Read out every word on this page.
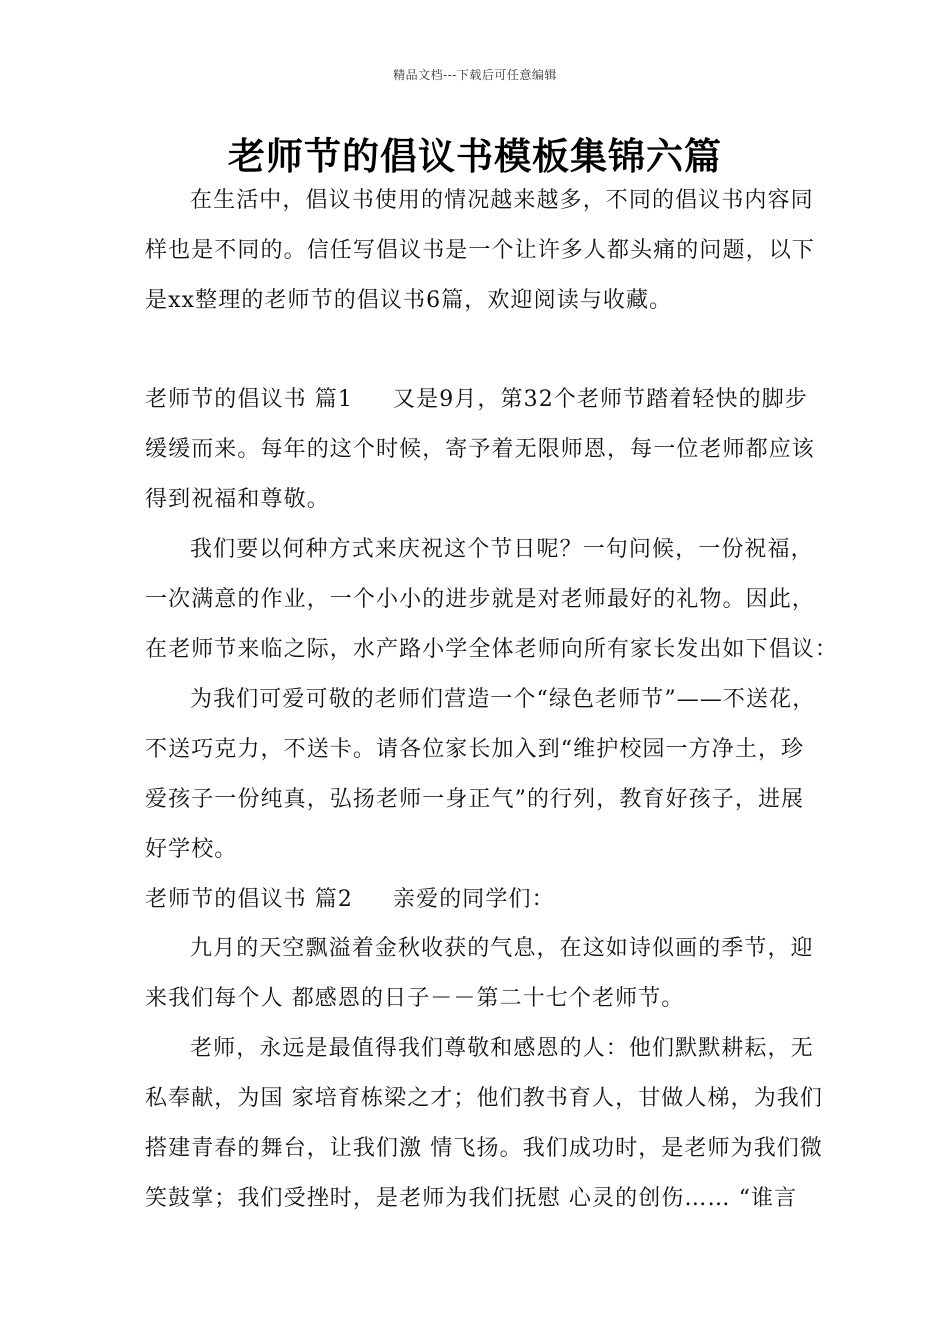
精品文档---下载后可任意编辑
老师节的倡议书模板集锦六篇
在生活中，倡议书使用的情况越来越多，不同的倡议书内容同
样也是不同的。信任写倡议书是一个让许多人都头痛的问题，以下
是xx整理的老师节的倡议书6篇，欢迎阅读与收藏。
老师节的倡议书 篇1 又是9月，第32个老师节踏着轻快的脚步
缓缓而来。每年的这个时候，寄予着无限师恩，每一位老师都应该
得到祝福和尊敬。
我们要以何种方式来庆祝这个节日呢？一句问候，一份祝福，
一次满意的作业，一个小小的进步就是对老师最好的礼物。因此，
在老师节来临之际，水产路小学全体老师向所有家长发出如下倡议：
为我们可爱可敬的老师们营造一个“绿色老师节”——不送花，
不送巧克力，不送卡。请各位家长加入到“维护校园一方净土，珍
爱孩子一份纯真，弘扬老师一身正气”的行列，教育好孩子，进展
好学校。
老师节的倡议书 篇2 亲爱的同学们：
九月的天空飘溢着金秋收获的气息，在这如诗似画的季节，迎
来我们每个人 都感恩的日子－－第二十七个老师节。
老师，永远是最值得我们尊敬和感恩的人：他们默默耕耘，无
私奉献，为国 家培育栋梁之才；他们教书育人，甘做人梯，为我们
搭建青春的舞台，让我们激 情飞扬。我们成功时，是老师为我们微
笑鼓掌；我们受挫时，是老师为我们抚慰 心灵的创伤…… “谁言
